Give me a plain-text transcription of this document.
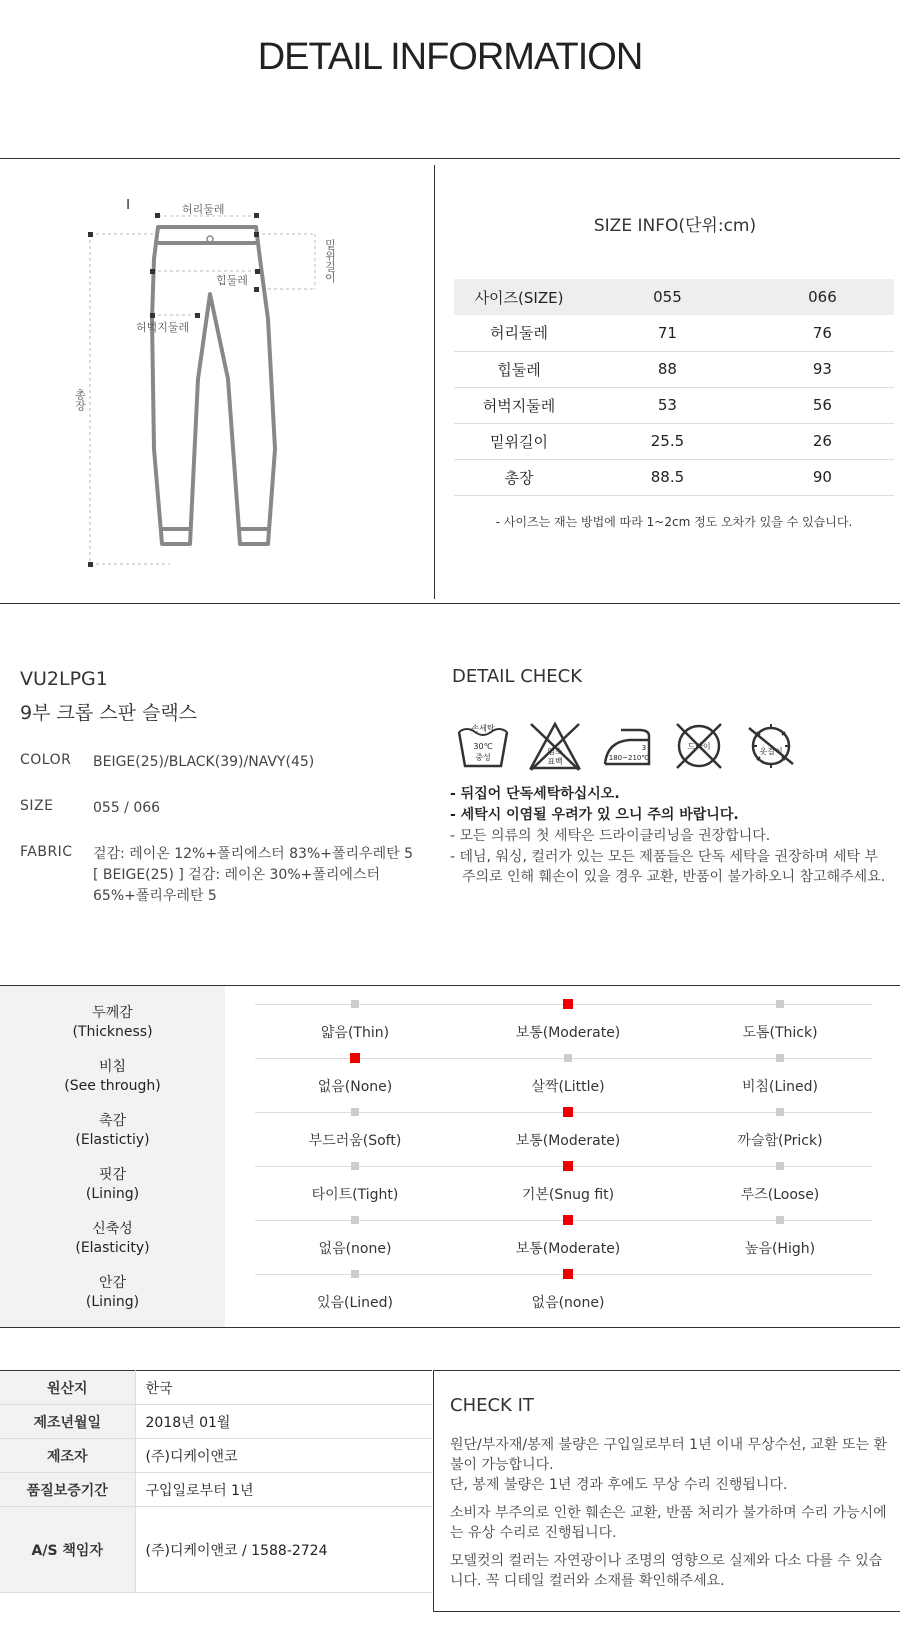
DETAIL INFORMATION
I	허리둘레
힙둘레
허벅지둘레
밑위길이
총장
SIZE INFO(단위:cm)
사이즈(SIZE)	055	066
허리둘레	71	76
힙둘레	88	93
허벅지둘레	53	56
밑위길이	25.5	26
총장	88.5	90
- 사이즈는 재는 방법에 따라 1~2cm 정도 오차가 있을 수 있습니다.
VU2LPG1
9부 크롭 스판 슬랙스
COLOR	BEIGE(25)/BLACK(39)/NAVY(45)
SIZE	055 / 066
FABRIC	겉감: 레이온 12%+폴리에스터 83%+폴리우레탄 5
[ BEIGE(25) ] 겉감: 레이온 30%+폴리에스터 65%+폴리우레탄 5
DETAIL CHECK
손세탁
30℃
중성
염소
표백	180~210℃
3	드라이
옷걸이
- 뒤집어 단독세탁하십시오.
- 세탁시 이염될 우려가 있 으니 주의 바랍니다.
- 모든 의류의 첫 세탁은 드라이클리닝을 권장합니다.
- 데님, 워싱, 컬러가 있는 모든 제품들은 단독 세탁을 권장하며 세탁 부주의로 인해 훼손이 있을 경우 교환, 반품이 불가하오니 참고해주세요.
두께감
(Thickness)	얇음(Thin)	보통(Moderate)	도톰(Thick)
비침
(See through)	없음(None)	살짝(Little)	비침(Lined)
촉감
(Elastictiy)	부드러움(Soft)	보통(Moderate)	까슬함(Prick)
핏감
(Lining)	타이트(Tight)	기본(Snug fit)	루즈(Loose)
신축성
(Elasticity)	없음(none)	보통(Moderate)	높음(High)
안감
(Lining)	있음(Lined)	없음(none)
원산지	한국
제조년월일	2018년 01월
제조자	(주)디케이앤코
품질보증기간	구입일로부터 1년
A/S 책임자	(주)디케이앤코 / 1588-2724
CHECK IT

원단/부자재/봉제 불량은 구입일로부터 1년 이내 무상수선, 교환 또는 환불이 가능합니다.
단, 봉제 불량은 1년 경과 후에도 무상 수리 진행됩니다.

소비자 부주의로 인한 훼손은 교환, 반품 처리가 불가하며 수리 가능시에는 유상 수리로 진행됩니다.

모델컷의 컬러는 자연광이나 조명의 영향으로 실제와 다소 다를 수 있습니다. 꼭 디테일 컬러와 소재를 확인해주세요.
